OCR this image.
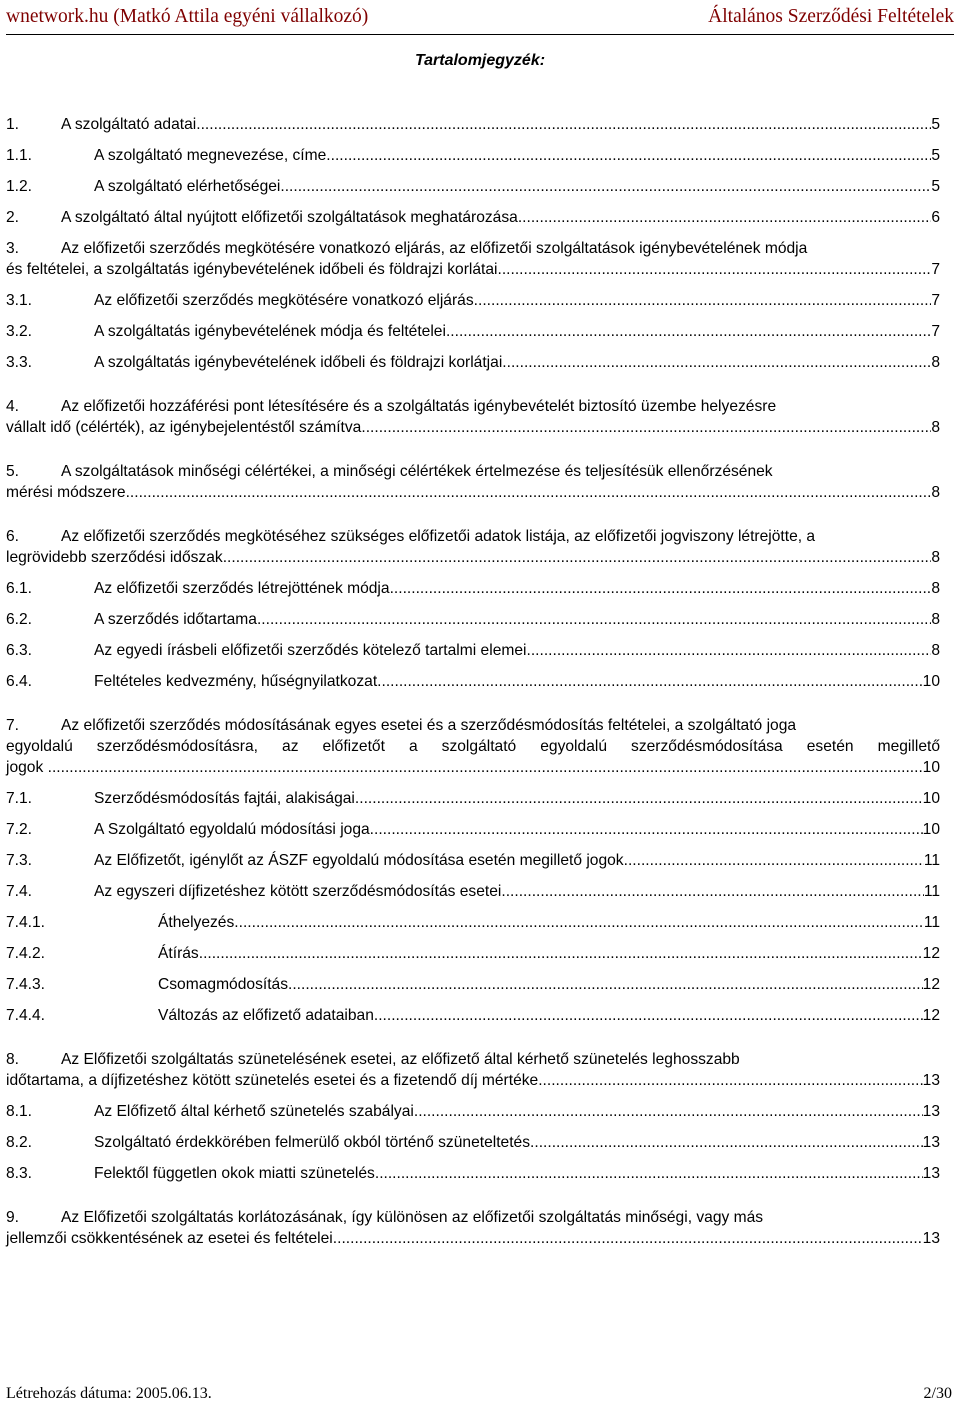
wnetwork.hu (Matkó Attila egyéni vállalkozó)	Általános Szerződési Feltételek
Tartalomjegyzék:
1.	A szolgáltató adatai. .....	5
1.1.	A szolgáltató megnevezése, címe. .....	5
1.2.	A szolgáltató elérhetőségei. .....	5
2.	A szolgáltató által nyújtott előfizetői szolgáltatások meghatározása. .....	6
3.	Az előfizetői szerződés megkötésére vonatkozó eljárás, az előfizetői szolgáltatások igénybevételének módja
és feltételei, a szolgáltatás igénybevételének időbeli és földrajzi korlátai. .....	7
3.1.	Az előfizetői szerződés megkötésére vonatkozó eljárás. .....	7
3.2.	A szolgáltatás igénybevételének módja és feltételei. .....	7
3.3.	A szolgáltatás igénybevételének időbeli és földrajzi korlátjai. .....	8
4.	Az előfizetői hozzáférési pont létesítésére és a szolgáltatás igénybevételét biztosító üzembe helyezésre
vállalt idő (célérték), az igénybejelentéstől számítva. .....	8
5.	A szolgáltatások minőségi célértékei, a minőségi célértékek értelmezése és teljesítésük ellenőrzésének
mérési módszere. .....	8
6.	Az előfizetői szerződés megkötéséhez szükséges előfizetői adatok listája, az előfizetői jogviszony létrejötte, a
legrövidebb szerződési időszak. .....	8
6.1.	Az előfizetői szerződés létrejöttének módja. .....	8
6.2.	A szerződés időtartama. .....	8
6.3.	Az egyedi írásbeli előfizetői szerződés kötelező tartalmi elemei. .....	8
6.4.	Feltételes kedvezmény, hűségnyilatkozat. .....	10
7.	Az előfizetői szerződés módosításának egyes esetei és a szerződésmódosítás feltételei, a szolgáltató joga
egyoldalú szerződésmódosításra, az előfizetőt a szolgáltató egyoldalú szerződésmódosítása esetén megillető
jogok . .....	10
7.1.	Szerződésmódosítás fajtái, alakiságai. .....	10
7.2.	A Szolgáltató egyoldalú módosítási joga. .....	10
7.3.	Az Előfizetőt, igénylőt az ÁSZF egyoldalú módosítása esetén megillető jogok. .....	11
7.4.	Az egyszeri díjfizetéshez kötött szerződésmódosítás esetei. .....	11
7.4.1.	Áthelyezés. .....	11
7.4.2.	Átírás. .....	12
7.4.3.	Csomagmódosítás. .....	12
7.4.4.	Változás az előfizető adataiban. .....	12
8.	Az Előfizetői szolgáltatás szünetelésének esetei, az előfizető által kérhető szünetelés leghosszabb
időtartama, a díjfizetéshez kötött szünetelés esetei és a fizetendő díj mértéke. .....	13
8.1.	Az Előfizető által kérhető szünetelés szabályai. .....	13
8.2.	Szolgáltató érdekkörében felmerülő okból történő szüneteltetés. .....	13
8.3.	Felektől független okok miatti szünetelés. .....	13
9.	Az Előfizetői szolgáltatás korlátozásának, így különösen az előfizetői szolgáltatás minőségi, vagy más
jellemzői csökkentésének az esetei és feltételei. .....	13
Létrehozás dátuma: 2005.06.13.	2/30
